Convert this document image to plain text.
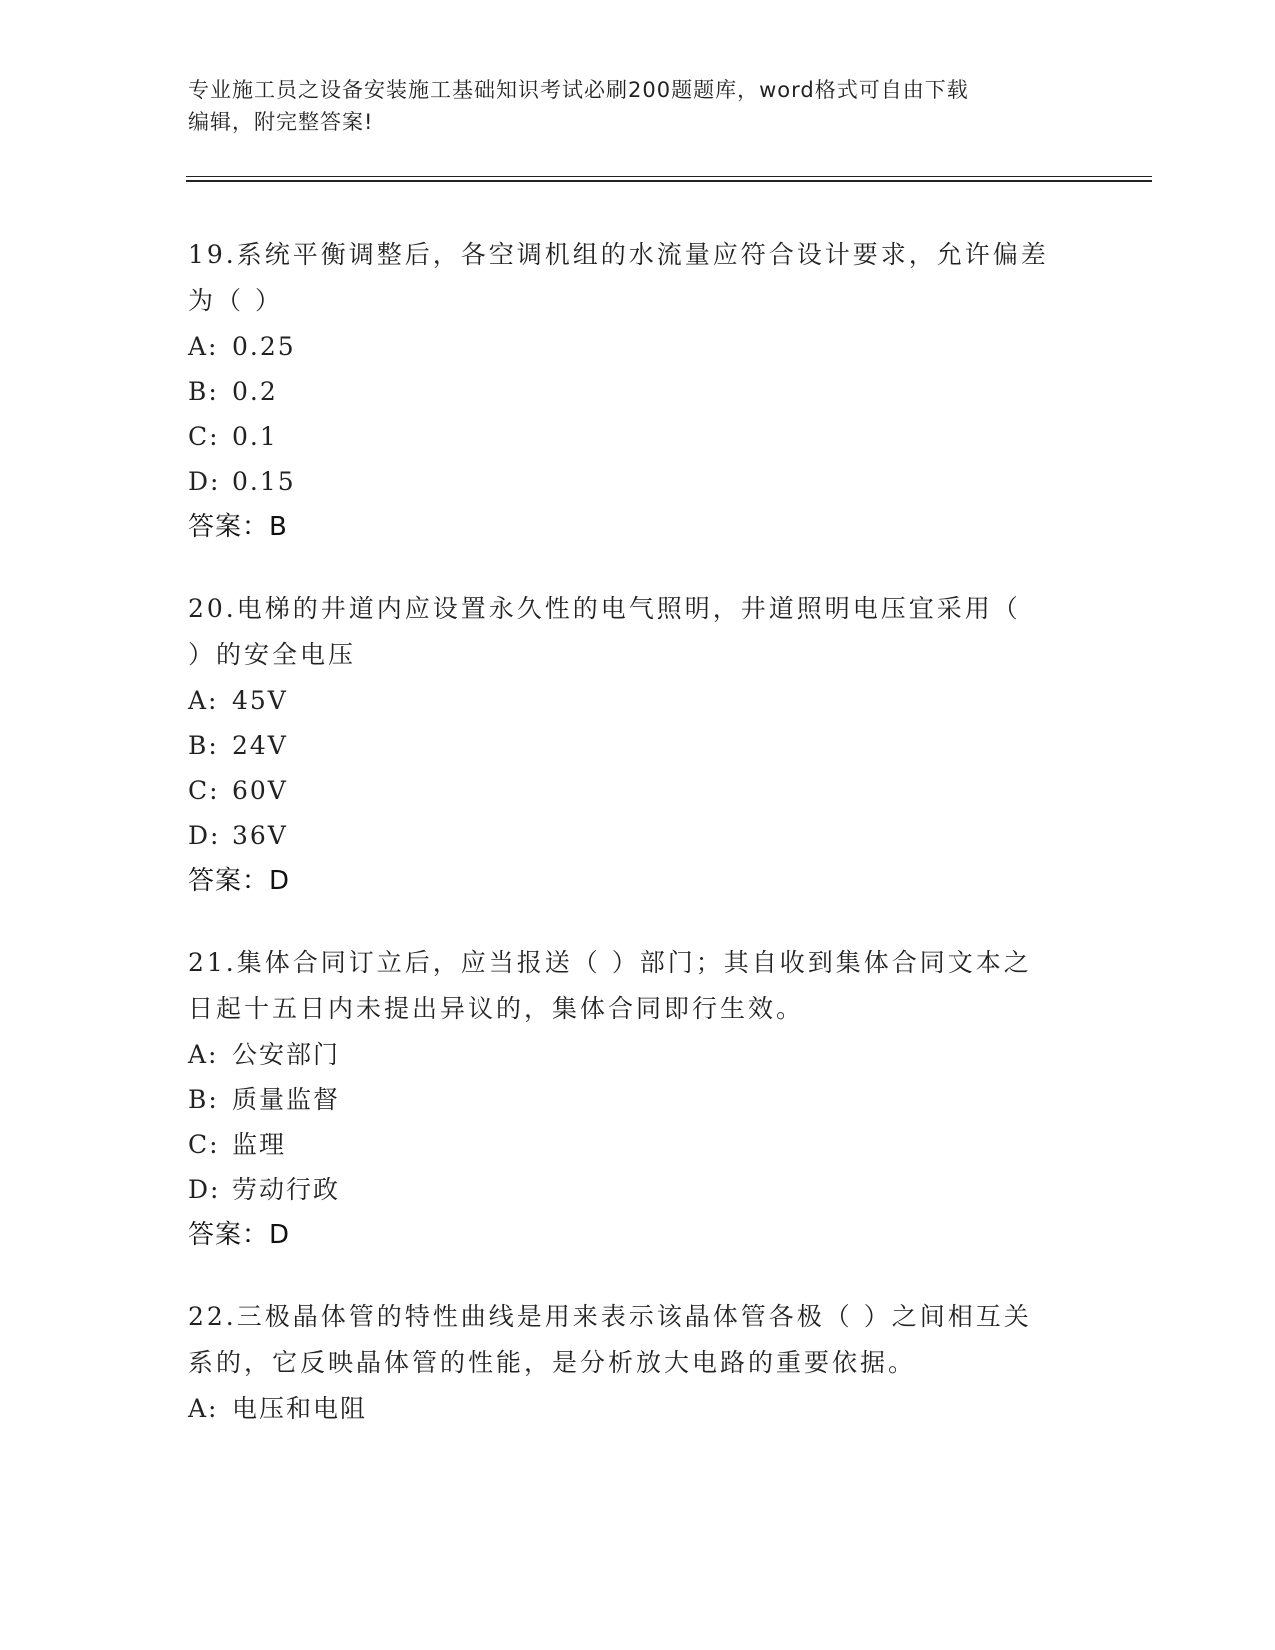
专业施工员之设备安装施工基础知识考试必刷200题题库，word格式可自由下载
编辑，附完整答案!
19.系统平衡调整后，各空调机组的水流量应符合设计要求，允许偏差
为（ ）
A: 0.25
B: 0.2
C: 0.1
D: 0.15
答案：B
20.电梯的井道内应设置永久性的电气照明，井道照明电压宜采用（
）的安全电压
A: 45V
B: 24V
C: 60V
D: 36V
答案：D
21.集体合同订立后，应当报送（ ）部门；其自收到集体合同文本之
日起十五日内未提出异议的，集体合同即行生效。
A: 公安部门
B: 质量监督
C: 监理
D: 劳动行政
答案：D
22.三极晶体管的特性曲线是用来表示该晶体管各极（ ）之间相互关
系的，它反映晶体管的性能，是分析放大电路的重要依据。
A: 电压和电阻
